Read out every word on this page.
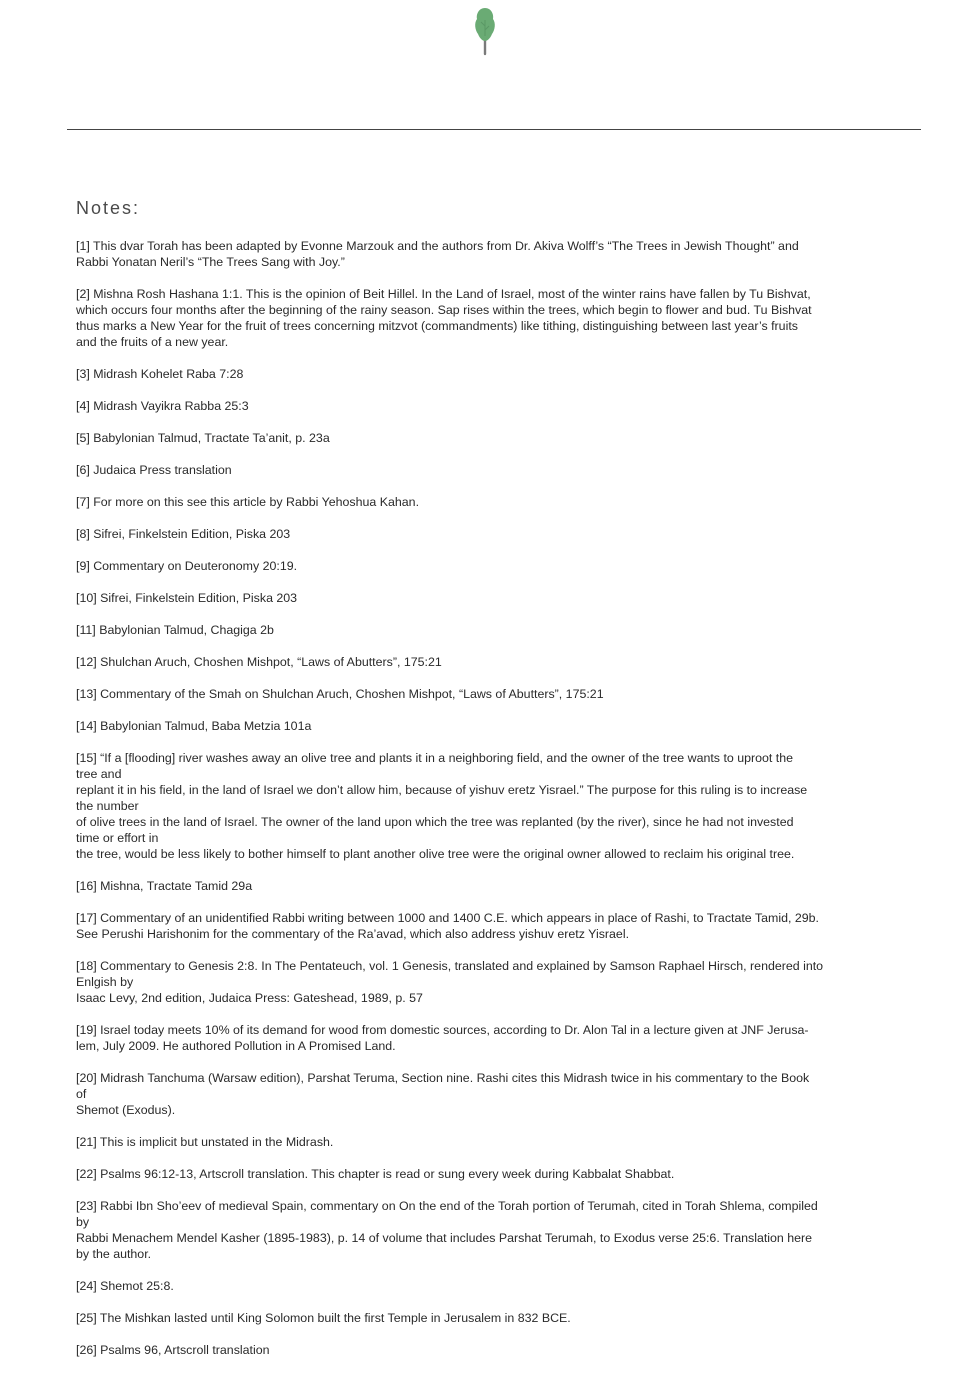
Notes:

[1] This dvar Torah has been adapted by Evonne Marzouk and the authors from Dr. Akiva Wolff’s “The Trees in Jewish Thought” and
Rabbi Yonatan Neril’s “The Trees Sang with Joy.”

[2] Mishna Rosh Hashana 1:1. This is the opinion of Beit Hillel. In the Land of Israel, most of the winter rains have fallen by Tu Bishvat,
which occurs four months after the beginning of the rainy season. Sap rises within the trees, which begin to flower and bud. Tu Bishvat
thus marks a New Year for the fruit of trees concerning mitzvot (commandments) like tithing, distinguishing between last year’s fruits
and the fruits of a new year.

[3] Midrash Kohelet Raba 7:28

[4] Midrash Vayikra Rabba 25:3

[5] Babylonian Talmud, Tractate Ta’anit, p. 23a

[6] Judaica Press translation

[7] For more on this see this article by Rabbi Yehoshua Kahan.

[8] Sifrei, Finkelstein Edition, Piska 203

[9] Commentary on Deuteronomy 20:19.

[10] Sifrei, Finkelstein Edition, Piska 203

[11] Babylonian Talmud, Chagiga 2b

[12] Shulchan Aruch, Choshen Mishpot, “Laws of Abutters”, 175:21

[13] Commentary of the Smah on Shulchan Aruch, Choshen Mishpot, “Laws of Abutters”, 175:21

[14] Babylonian Talmud, Baba Metzia 101a

[15] “If a [flooding] river washes away an olive tree and plants it in a neighboring field, and the owner of the tree wants to uproot the
tree and
replant it in his field, in the land of Israel we don’t allow him, because of yishuv eretz Yisrael.” The purpose for this ruling is to increase
the number
of olive trees in the land of Israel. The owner of the land upon which the tree was replanted (by the river), since he had not invested
time or effort in
the tree, would be less likely to bother himself to plant another olive tree were the original owner allowed to reclaim his original tree.

[16] Mishna, Tractate Tamid 29a

[17] Commentary of an unidentified Rabbi writing between 1000 and 1400 C.E. which appears in place of Rashi, to Tractate Tamid, 29b.
See Perushi Harishonim for the commentary of the Ra’avad, which also address yishuv eretz Yisrael.

[18] Commentary to Genesis 2:8. In The Pentateuch, vol. 1 Genesis, translated and explained by Samson Raphael Hirsch, rendered into
Enlgish by
Isaac Levy, 2nd edition, Judaica Press: Gateshead, 1989, p. 57

[19] Israel today meets 10% of its demand for wood from domestic sources, according to Dr. Alon Tal in a lecture given at JNF Jerusa-
lem, July 2009. He authored Pollution in A Promised Land.

[20] Midrash Tanchuma (Warsaw edition), Parshat Teruma, Section nine. Rashi cites this Midrash twice in his commentary to the Book
of
Shemot (Exodus).

[21] This is implicit but unstated in the Midrash.

[22] Psalms 96:12-13, Artscroll translation. This chapter is read or sung every week during Kabbalat Shabbat.

[23] Rabbi Ibn Sho’eev of medieval Spain, commentary on On the end of the Torah portion of Terumah, cited in Torah Shlema, compiled
by
Rabbi Menachem Mendel Kasher (1895-1983), p. 14 of volume that includes Parshat Terumah, to Exodus verse 25:6. Translation here
by the author.

[24] Shemot 25:8.

[25] The Mishkan lasted until King Solomon built the first Temple in Jerusalem in 832 BCE.

[26] Psalms 96, Artscroll translation
